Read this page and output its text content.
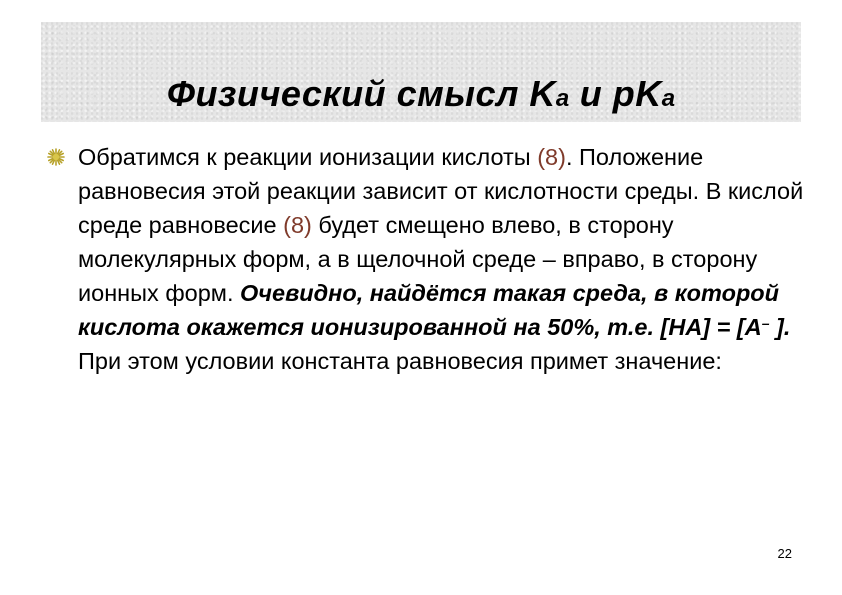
Физический смысл Ka и рKa

Обратимся к реакции ионизации кислоты (8). Положение равновесия этой реакции зависит от кислотности среды. В кислой среде равновесие (8) будет смещено влево, в сторону молекулярных форм, а в щелочной среде – вправо, в сторону ионных форм. Очевидно, найдётся такая среда, в которой кислота окажется ионизированной на 50%, т.е. [HA] = [A– ]. При этом условии константа равновесия примет значение:

22
